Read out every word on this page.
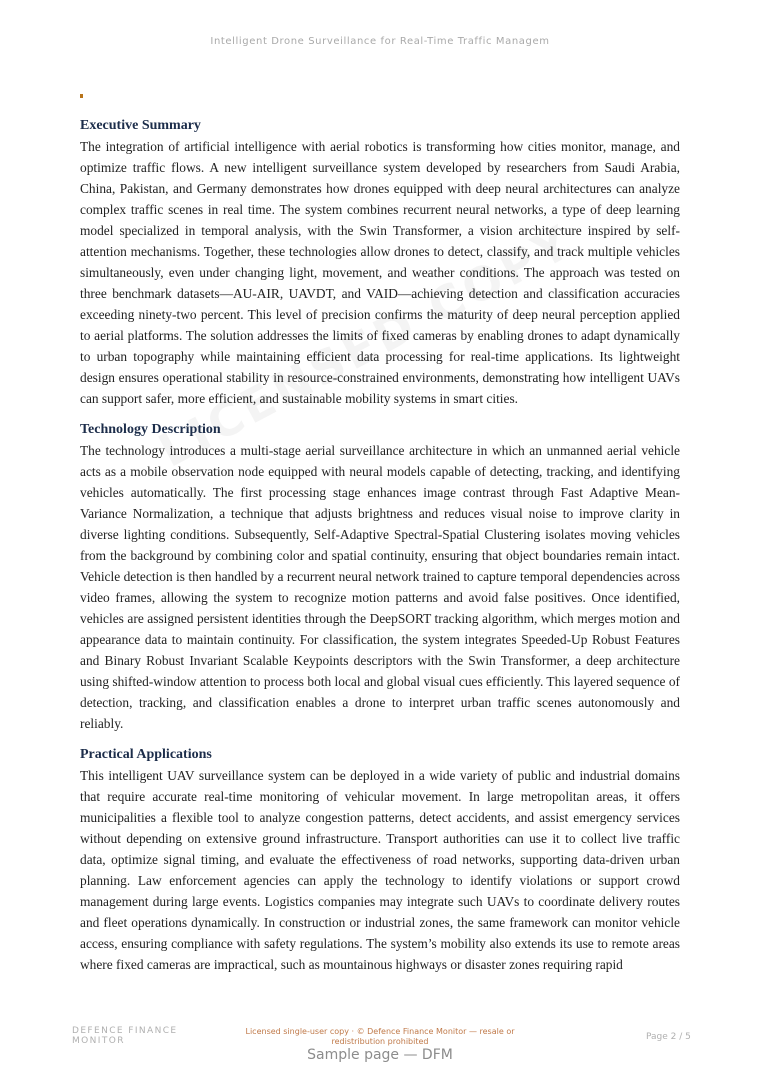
Intelligent Drone Surveillance for Real-Time Traffic Managem
Executive Summary

The integration of artificial intelligence with aerial robotics is transforming how cities monitor, manage, and optimize traffic flows. A new intelligent surveillance system developed by researchers from Saudi Arabia, China, Pakistan, and Germany demonstrates how drones equipped with deep neural architectures can analyze complex traffic scenes in real time. The system combines recurrent neural networks, a type of deep learning model specialized in temporal analysis, with the Swin Transformer, a vision architecture inspired by self-attention mechanisms. Together, these technologies allow drones to detect, classify, and track multiple vehicles simultaneously, even under changing light, movement, and weather conditions. The approach was tested on three benchmark datasets—AU-AIR, UAVDT, and VAID—achieving detection and classification accuracies exceeding ninety-two percent. This level of precision confirms the maturity of deep neural perception applied to aerial platforms. The solution addresses the limits of fixed cameras by enabling drones to adapt dynamically to urban topography while maintaining efficient data processing for real-time applications. Its lightweight design ensures operational stability in resource-constrained environments, demonstrating how intelligent UAVs can support safer, more efficient, and sustainable mobility systems in smart cities.

Technology Description

The technology introduces a multi-stage aerial surveillance architecture in which an unmanned aerial vehicle acts as a mobile observation node equipped with neural models capable of detecting, tracking, and identifying vehicles automatically. The first processing stage enhances image contrast through Fast Adaptive Mean-Variance Normalization, a technique that adjusts brightness and reduces visual noise to improve clarity in diverse lighting conditions. Subsequently, Self-Adaptive Spectral-Spatial Clustering isolates moving vehicles from the background by combining color and spatial continuity, ensuring that object boundaries remain intact. Vehicle detection is then handled by a recurrent neural network trained to capture temporal dependencies across video frames, allowing the system to recognize motion patterns and avoid false positives. Once identified, vehicles are assigned persistent identities through the DeepSORT tracking algorithm, which merges motion and appearance data to maintain continuity. For classification, the system integrates Speeded-Up Robust Features and Binary Robust Invariant Scalable Keypoints descriptors with the Swin Transformer, a deep architecture using shifted-window attention to process both local and global visual cues efficiently. This layered sequence of detection, tracking, and classification enables a drone to interpret urban traffic scenes autonomously and reliably.

Practical Applications

This intelligent UAV surveillance system can be deployed in a wide variety of public and industrial domains that require accurate real-time monitoring of vehicular movement. In large metropolitan areas, it offers municipalities a flexible tool to analyze congestion patterns, detect accidents, and assist emergency services without depending on extensive ground infrastructure. Transport authorities can use it to collect live traffic data, optimize signal timing, and evaluate the effectiveness of road networks, supporting data-driven urban planning. Law enforcement agencies can apply the technology to identify violations or support crowd management during large events. Logistics companies may integrate such UAVs to coordinate delivery routes and fleet operations dynamically. In construction or industrial zones, the same framework can monitor vehicle access, ensuring compliance with safety regulations. The system’s mobility also extends its use to remote areas where fixed cameras are impractical, such as mountainous highways or disaster zones requiring rapid

DEFENCE FINANCE
MONITOR
Licensed single-user copy · © Defence Finance Monitor — resale or redistribution prohibited	Page 2 / 5
Sample page — DFM
